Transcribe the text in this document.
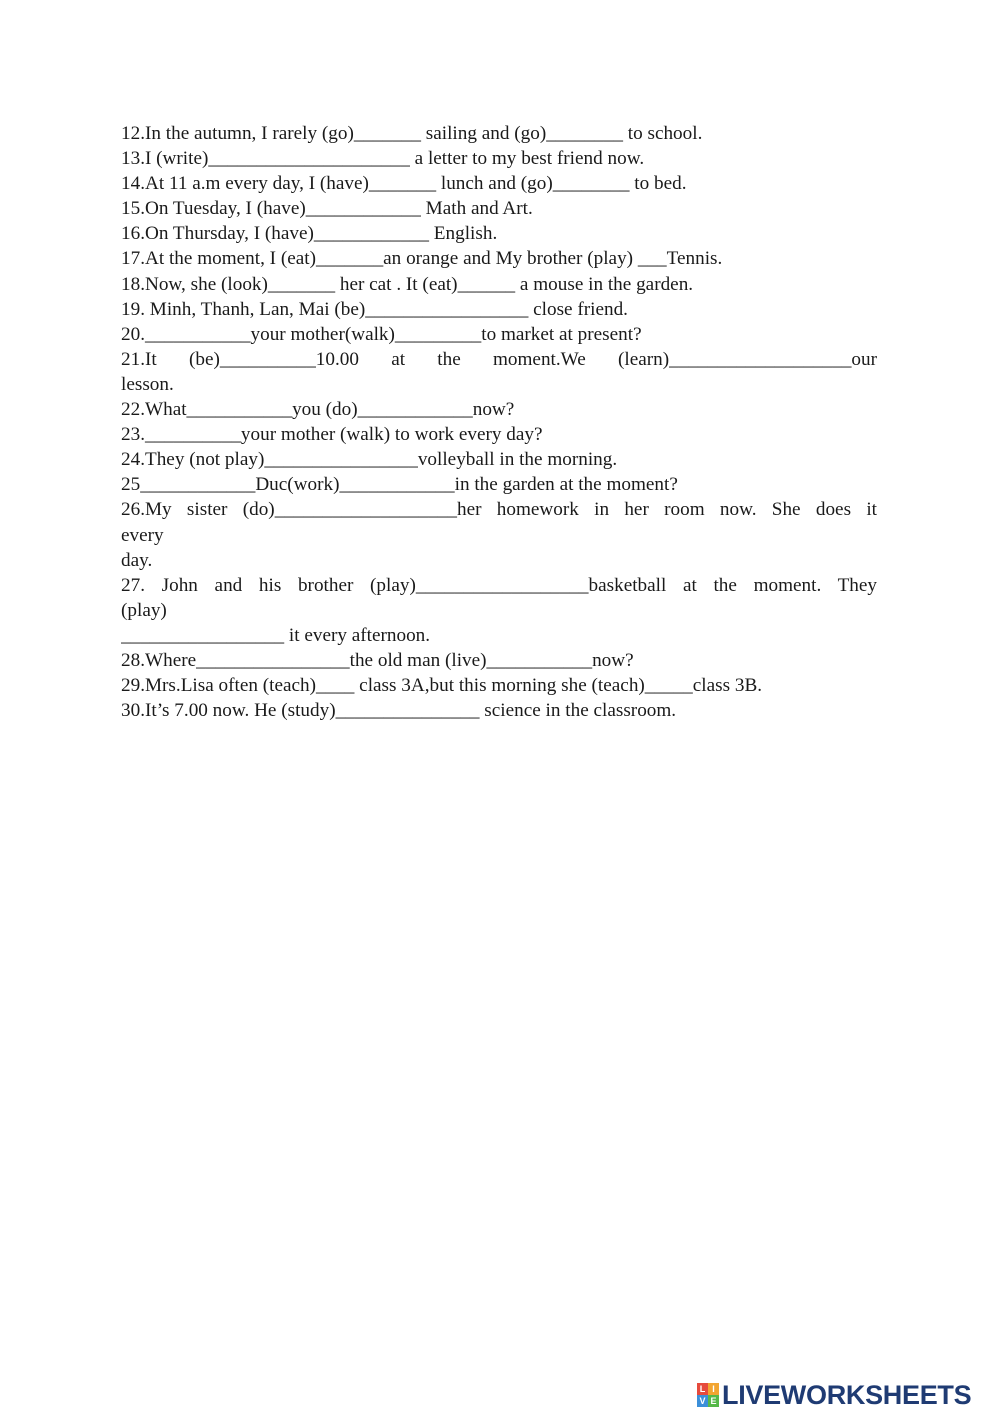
12.In the autumn, I rarely (go)_______ sailing and (go)________ to school.
13.I (write)_____________________ a letter to my best friend now.
14.At 11 a.m every day, I (have)_______ lunch and (go)________ to bed.
15.On Tuesday, I (have)____________ Math and Art.
16.On Thursday, I (have)____________ English.
17.At the moment, I (eat)_______an orange and My brother (play) ___Tennis.
18.Now, she (look)_______ her cat . It (eat)______ a mouse in the garden.
19. Minh, Thanh, Lan, Mai (be)_________________ close friend.
20.___________your mother(walk)_________to market at present?
21.It (be)__________10.00 at the moment.We (learn)___________________our
lesson.
22.What___________you (do)____________now?
23.__________your mother (walk) to work every day?
24.They (not play)________________volleyball in the morning.
25____________Duc(work)____________in the garden at the moment?
26.My sister (do)___________________her homework in her room now. She does it
every
day.
27. John and his brother (play)__________________basketball at the moment. They
(play)
_________________ it every afternoon.
28.Where________________the old man (live)___________now?
29.Mrs.Lisa often (teach)____ class 3A,but this morning she (teach)_____class 3B.
30.It’s 7.00 now. He (study)_______________ science in the classroom.
L I
V E LIVEWORKSHEETS
